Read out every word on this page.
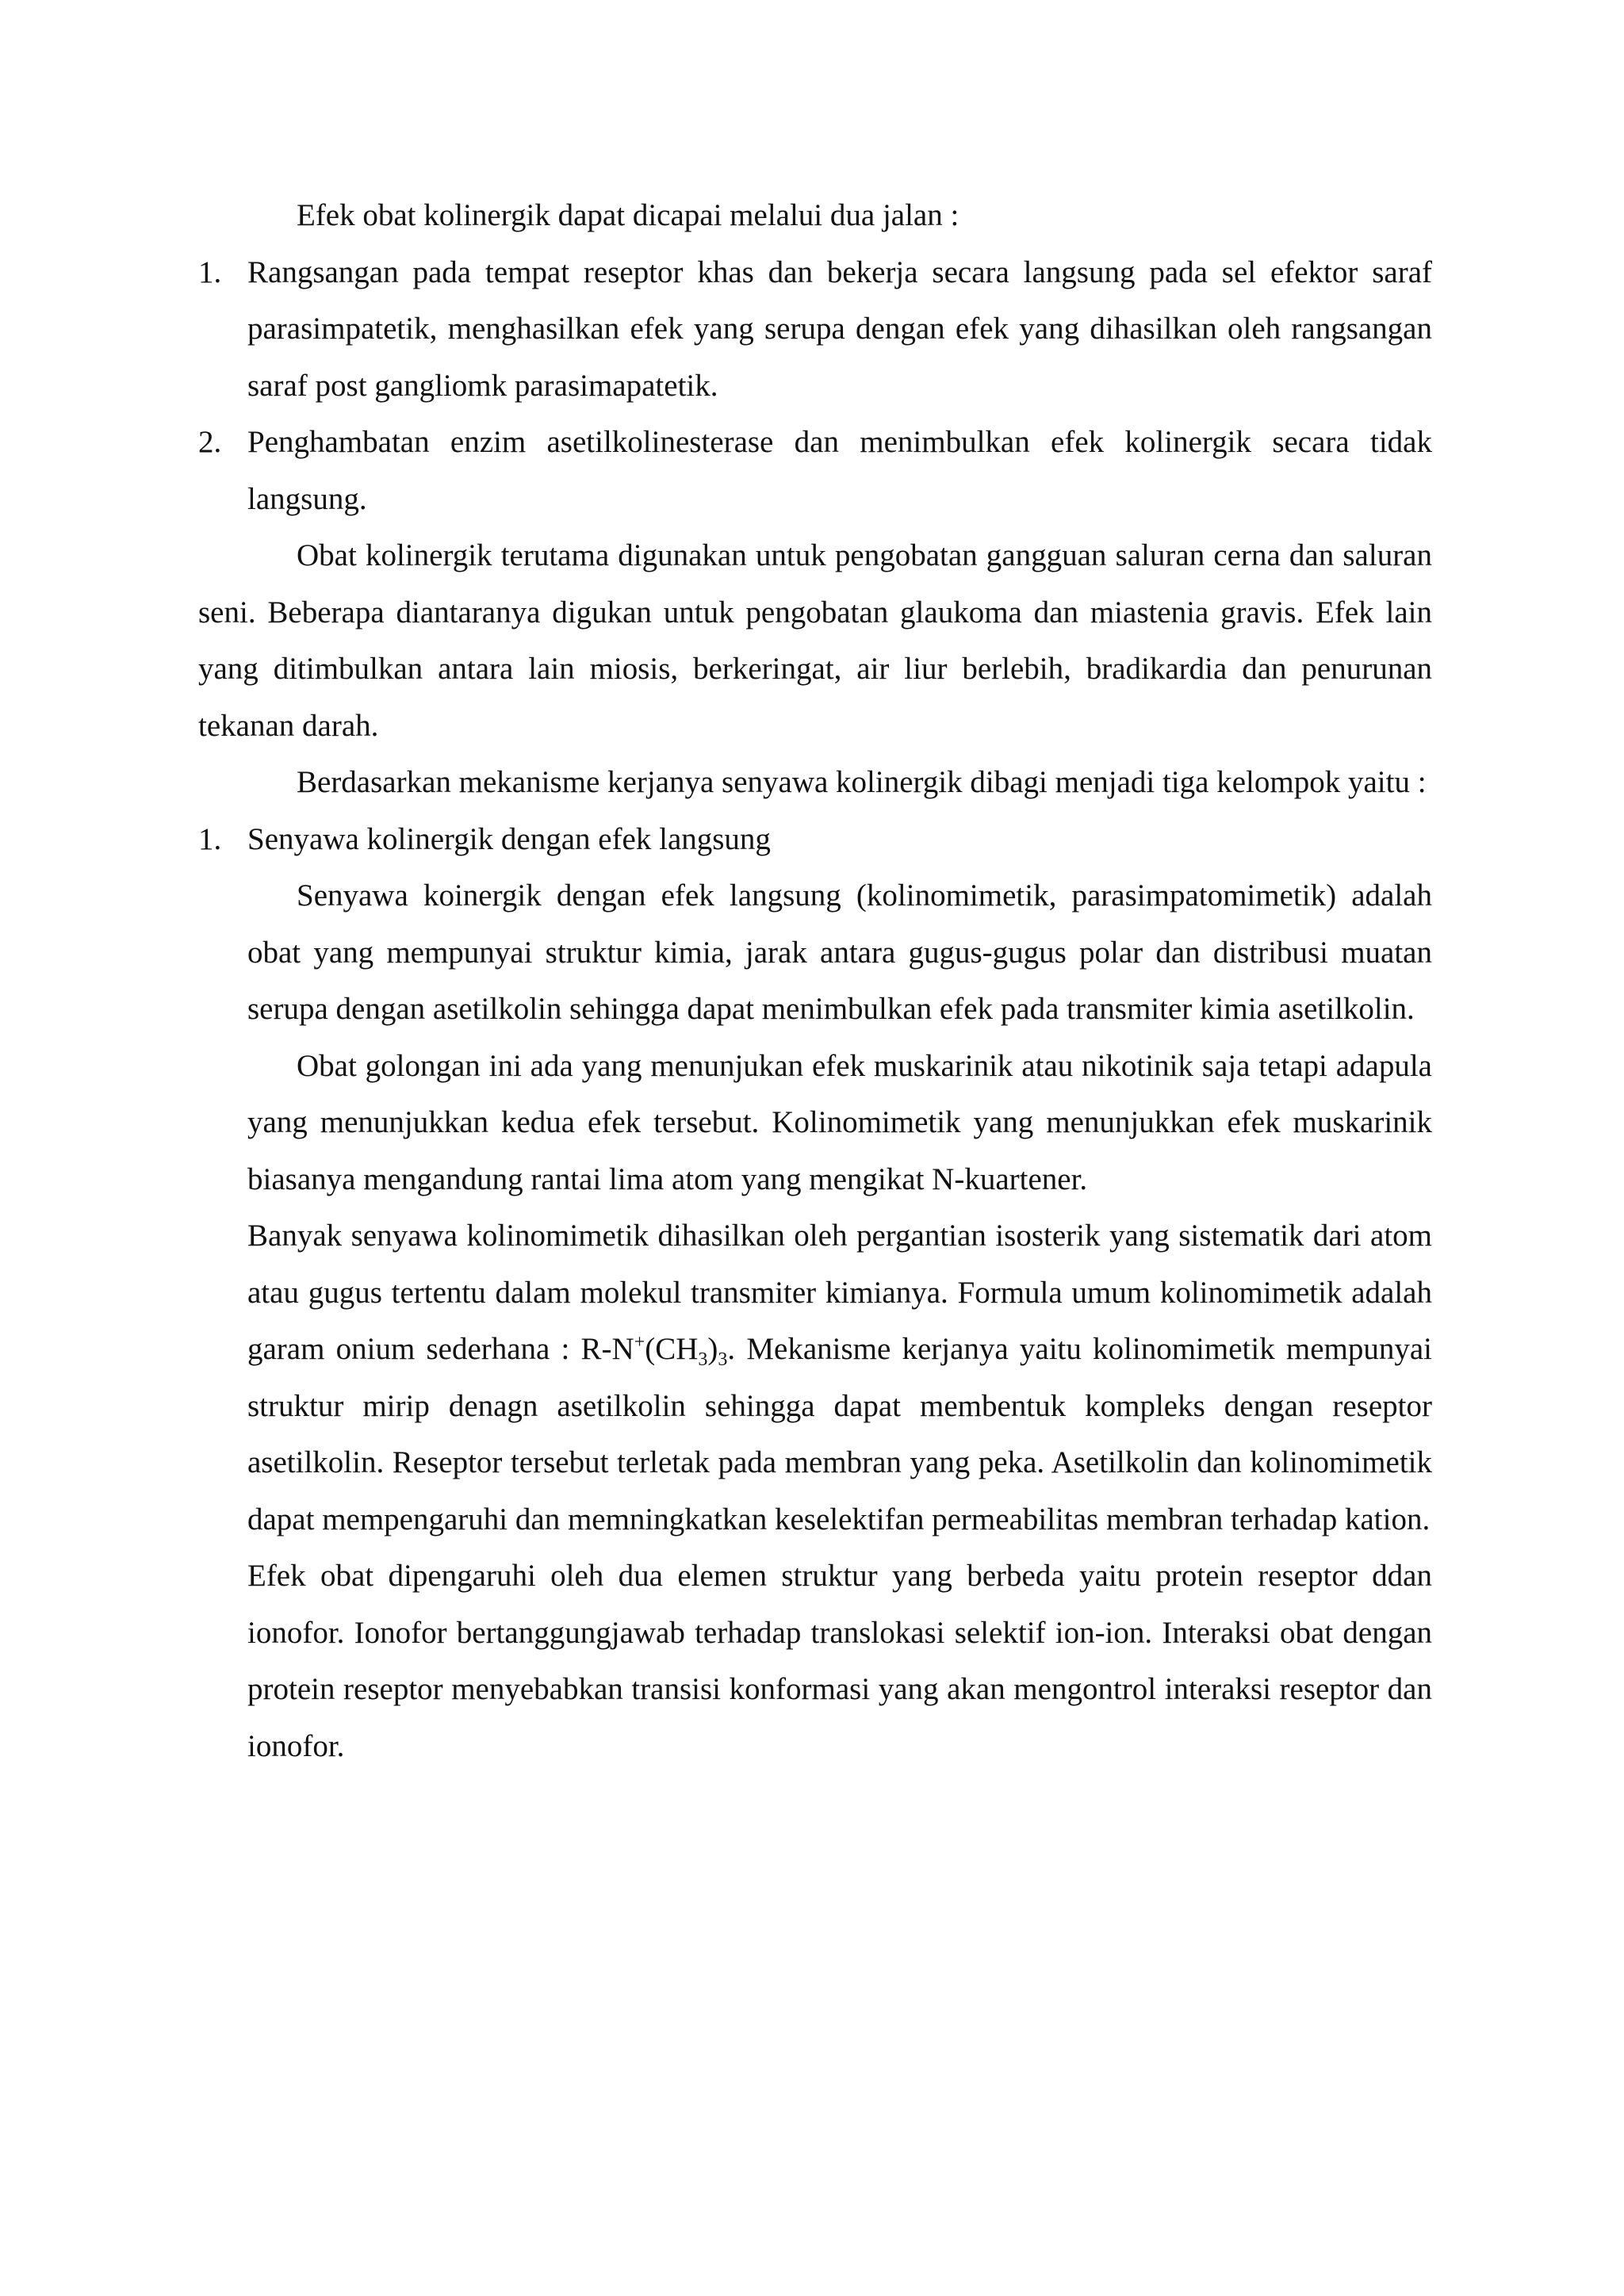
Efek obat kolinergik dapat dicapai melalui dua jalan :

1. Rangsangan pada tempat reseptor khas dan bekerja secara langsung pada sel efektor saraf parasimpatetik, menghasilkan efek yang serupa dengan efek yang dihasilkan oleh rangsangan saraf post gangliomk parasimapatetik.
2. Penghambatan enzim asetilkolinesterase dan menimbulkan efek kolinergik secara tidak langsung.

Obat kolinergik terutama digunakan untuk pengobatan gangguan saluran cerna dan saluran seni. Beberapa diantaranya digukan untuk pengobatan glaukoma dan miastenia gravis. Efek lain yang ditimbulkan antara lain miosis, berkeringat, air liur berlebih, bradikardia dan penurunan tekanan darah.

Berdasarkan mekanisme kerjanya senyawa kolinergik dibagi menjadi tiga kelompok yaitu :

1. Senyawa kolinergik dengan efek langsung

Senyawa koinergik dengan efek langsung (kolinomimetik, parasimpatomimetik) adalah obat yang mempunyai struktur kimia, jarak antara gugus-gugus polar dan distribusi muatan serupa dengan asetilkolin sehingga dapat menimbulkan efek pada transmiter kimia asetilkolin.

Obat golongan ini ada yang menunjukan efek muskarinik atau nikotinik saja tetapi adapula yang menunjukkan kedua efek tersebut. Kolinomimetik yang menunjukkan efek muskarinik biasanya mengandung rantai lima atom yang mengikat N-kuartener.

Banyak senyawa kolinomimetik dihasilkan oleh pergantian isosterik yang sistematik dari atom atau gugus tertentu dalam molekul transmiter kimianya. Formula umum kolinomimetik adalah garam onium sederhana : $R-N^+(CH_3)_3$. Mekanisme kerjanya yaitu kolinomimetik mempunyai struktur mirip denagn asetilkolin sehingga dapat membentuk kompleks dengan reseptor asetilkolin. Reseptor tersebut terletak pada membran yang peka. Asetilkolin dan kolinomimetik dapat mempengaruhi dan memningkatkan keselektifan permeabilitas membran terhadap kation.

Efek obat dipengaruhi oleh dua elemen struktur yang berbeda yaitu protein reseptor ddan ionofor. Ionofor bertanggungjawab terhadap translokasi selektif ion-ion. Interaksi obat dengan protein reseptor menyebabkan transisi konformasi yang akan mengontrol interaksi reseptor dan ionofor.
